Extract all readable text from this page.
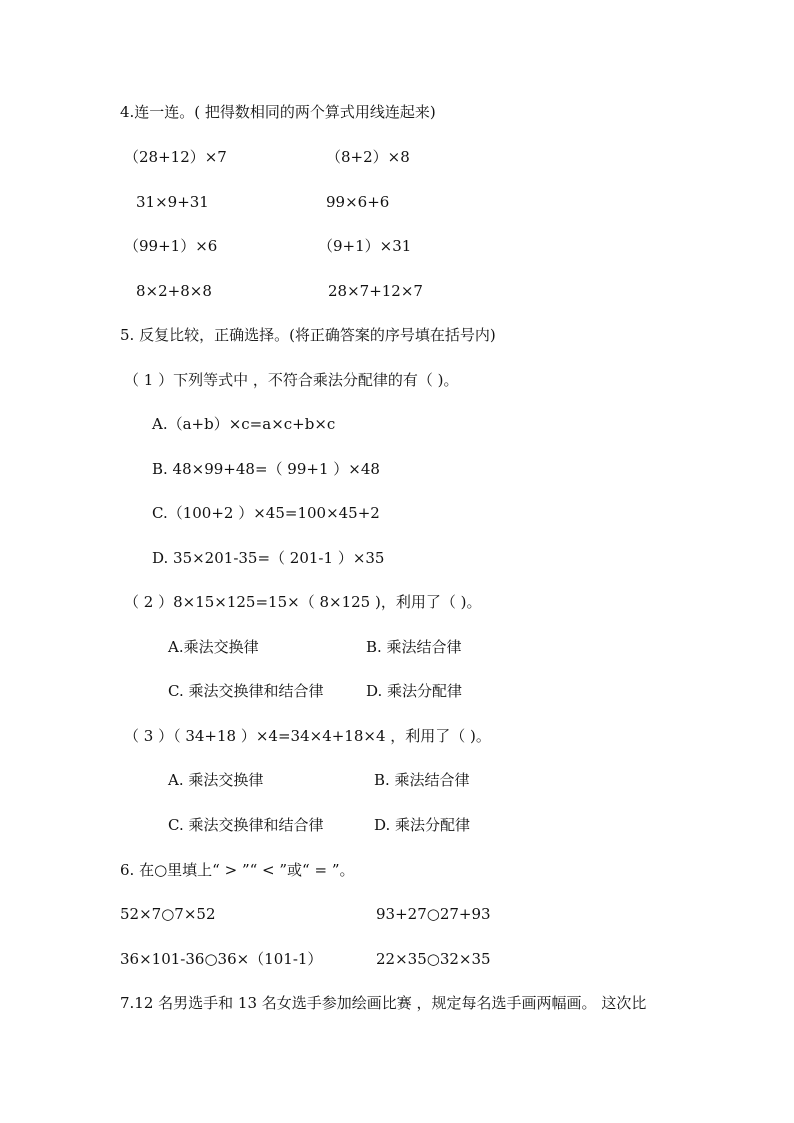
4.连一连。( 把得数相同的两个算式用线连起来)
（28+12）×7	（8+2）×8
31×9+31	99×6+6
（99+1）×6	（9+1）×31
8×2+8×8	28×7+12×7
5. 反复比较，正确选择。(将正确答案的序号填在括号内)
（ 1 ）下列等式中 ，不符合乘法分配律的有（ )。
A.（a+b）×c=a×c+b×c
B. 48×99+48=（ 99+1 ）×48
C.（100+2 ）×45=100×45+2
D. 35×201-35=（ 201-1 ）×35
（ 2 ）8×15×125=15×（ 8×125 )，利用了（ )。
A.乘法交换律	B. 乘法结合律
C. 乘法交换律和结合律	D. 乘法分配律
（ 3 ）（ 34+18 ）×4=34×4+18×4 ，利用了（ )。
A. 乘法交换律	B. 乘法结合律
C. 乘法交换律和结合律	D. 乘法分配律
6. 在○里填上“ > ”“ < ”或“ = ”。
52×7○7×52	93+27○27+93
36×101-36○36×（101-1）	22×35○32×35
7.12 名男选手和 13 名女选手参加绘画比赛 ，规定每名选手画两幅画。 这次比
